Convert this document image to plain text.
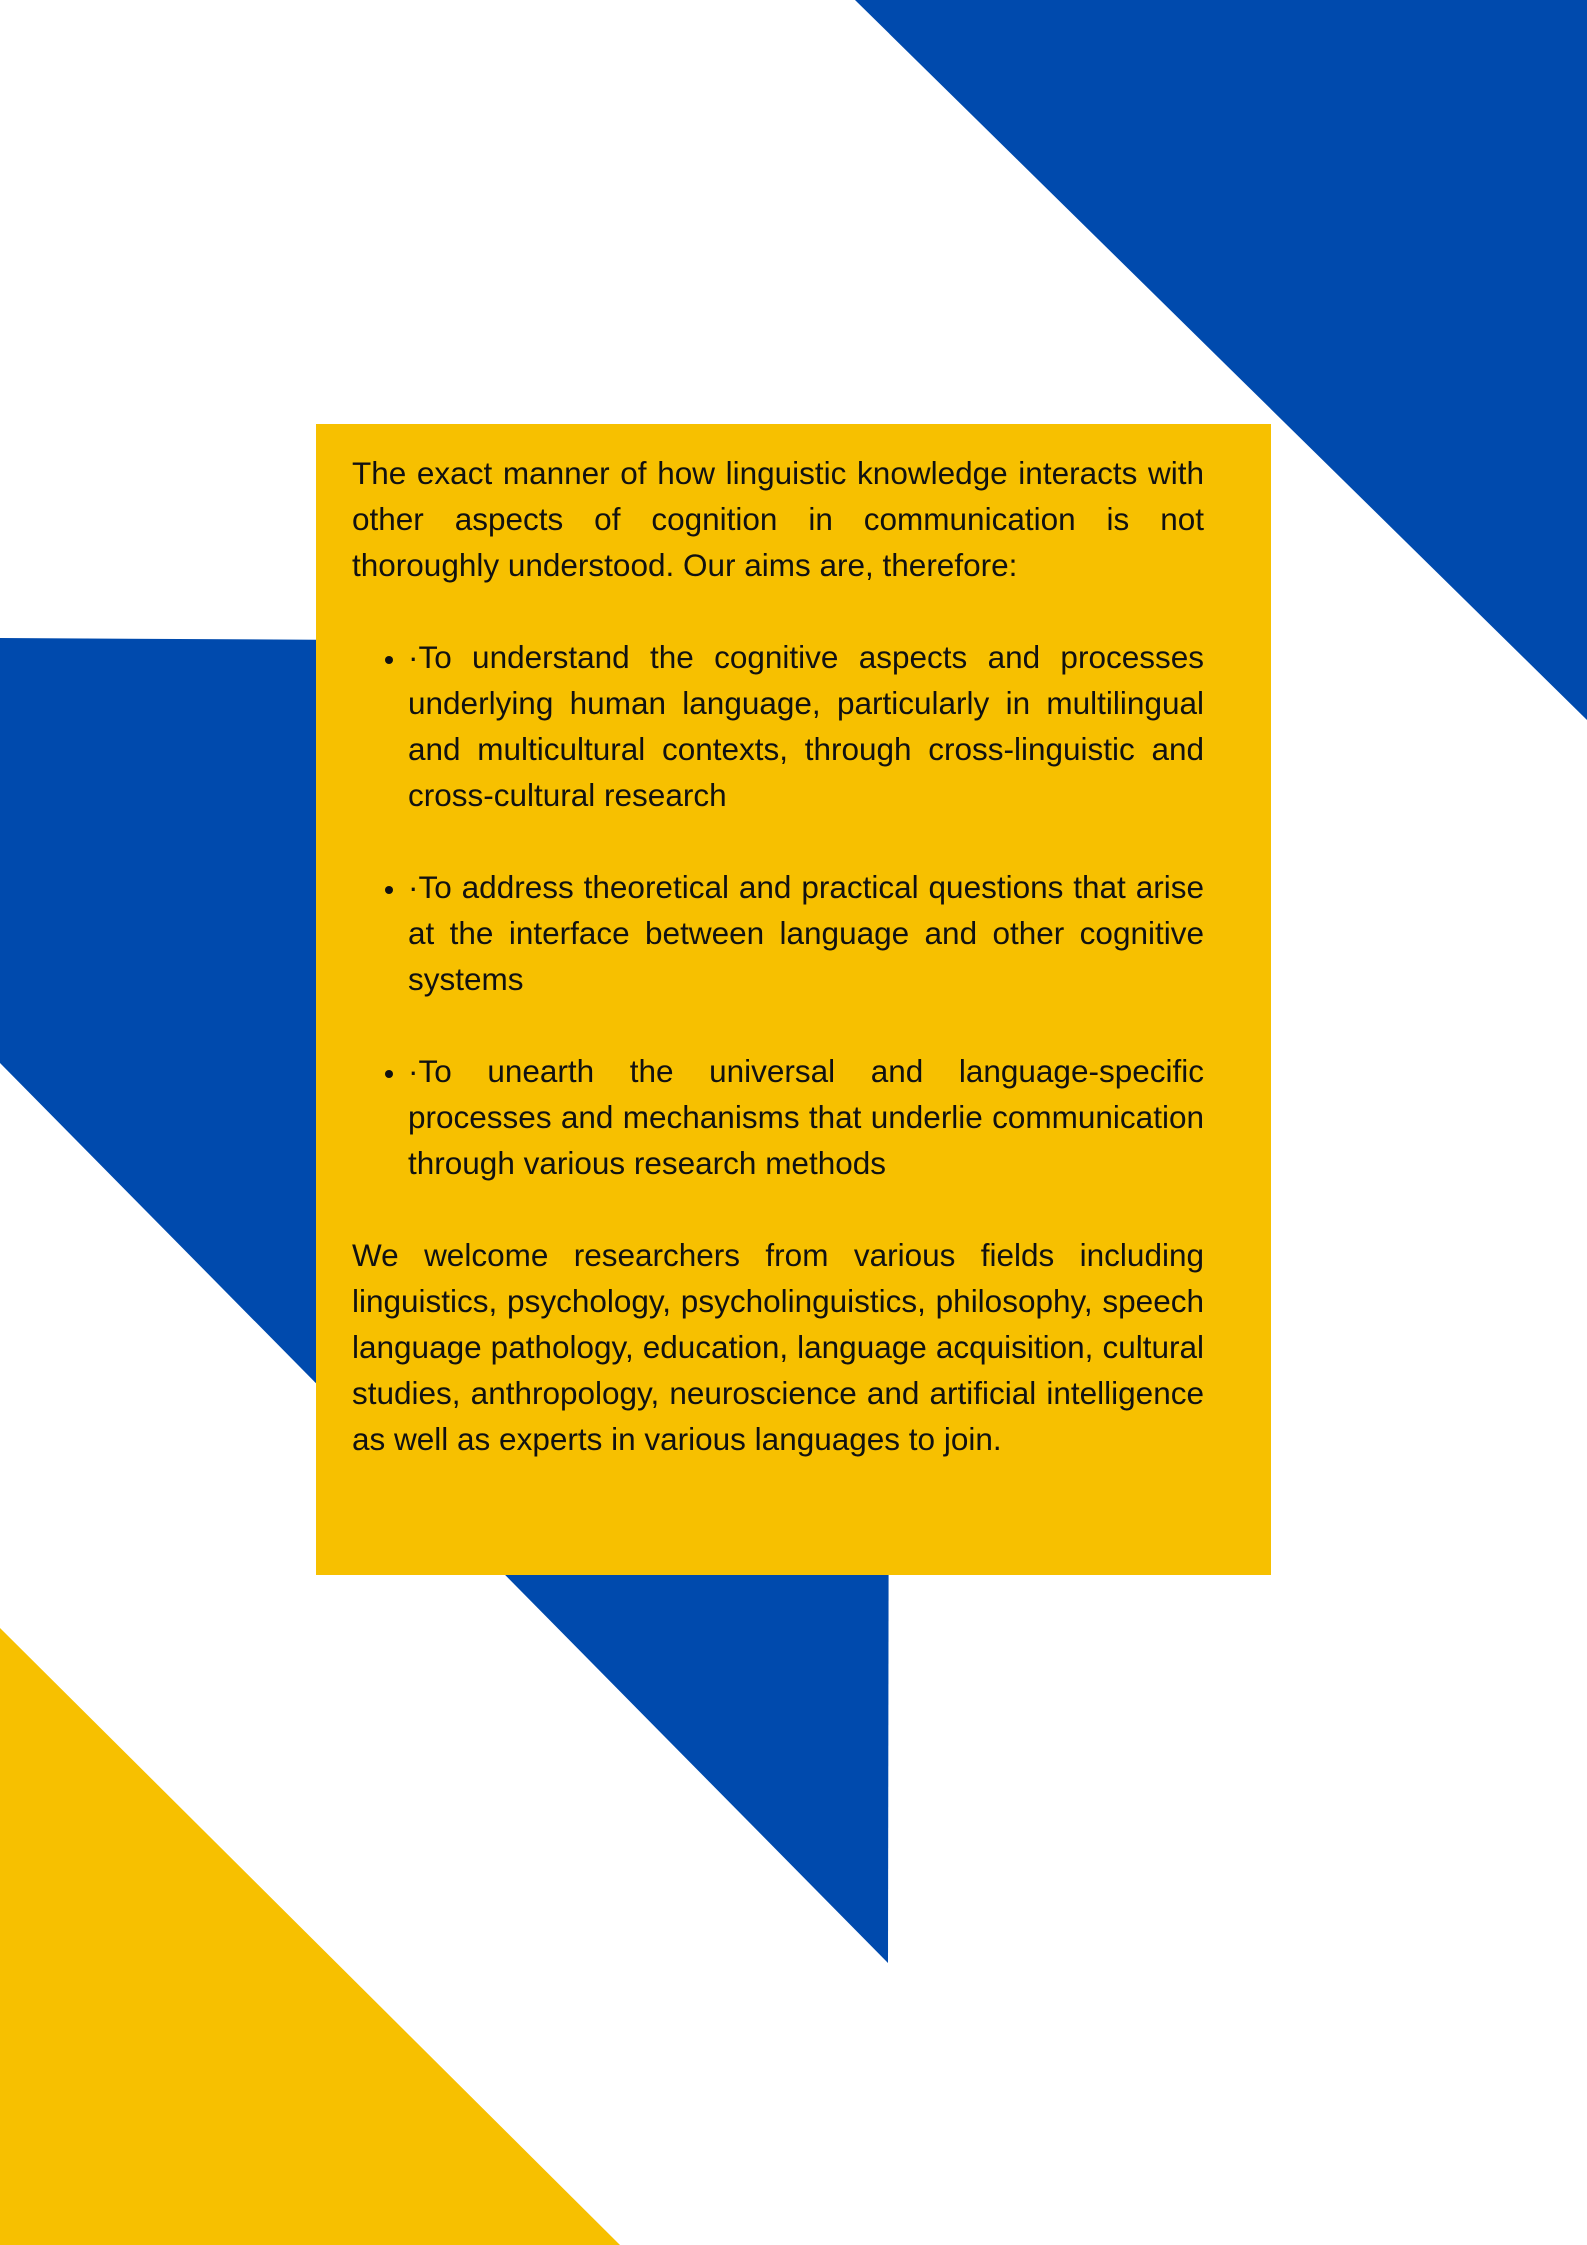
The exact manner of how linguistic knowledge interacts with other aspects of cognition in communication is not thoroughly understood. Our aims are, therefore:

• ·To understand the cognitive aspects and processes underlying human language, particularly in multilingual and multicultural contexts, through cross-linguistic and cross-cultural research
• ·To address theoretical and practical questions that arise at the interface between language and other cognitive systems
• ·To unearth the universal and language-specific processes and mechanisms that underlie communication through various research methods

We welcome researchers from various fields including linguistics, psychology, psycholinguistics, philosophy, speech language pathology, education, language acquisition, cultural studies, anthropology, neuroscience and artificial intelligence as well as experts in various languages to join.
